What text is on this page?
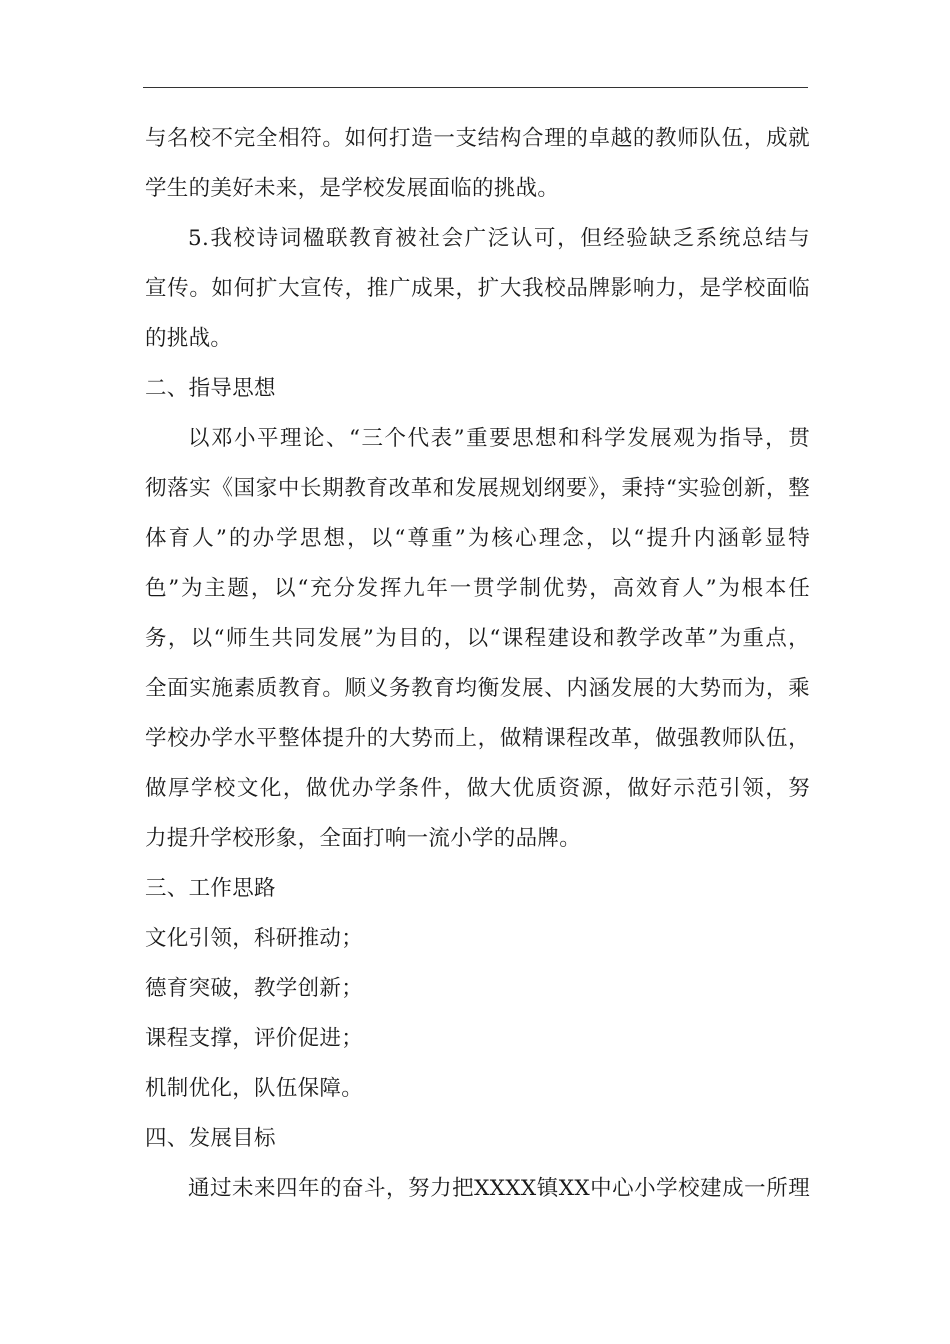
与名校不完全相符。如何打造一支结构合理的卓越的教师队伍，成就
学生的美好未来，是学校发展面临的挑战。
5.我校诗词楹联教育被社会广泛认可，但经验缺乏系统总结与
宣传。如何扩大宣传，推广成果，扩大我校品牌影响力，是学校面临
的挑战。
二、指导思想
以邓小平理论、“三个代表”重要思想和科学发展观为指导，贯
彻落实《国家中长期教育改革和发展规划纲要》，秉持“实验创新，整
体育人”的办学思想，以“尊重”为核心理念，以“提升内涵彰显特
色”为主题，以“充分发挥九年一贯学制优势，高效育人”为根本任
务，以“师生共同发展”为目的，以“课程建设和教学改革”为重点，
全面实施素质教育。顺义务教育均衡发展、内涵发展的大势而为，乘
学校办学水平整体提升的大势而上，做精课程改革，做强教师队伍，
做厚学校文化，做优办学条件，做大优质资源，做好示范引领，努
力提升学校形象，全面打响一流小学的品牌。
三、工作思路
文化引领，科研推动；
德育突破，教学创新；
课程支撑，评价促进；
机制优化，队伍保障。
四、发展目标
通过未来四年的奋斗，努力把XXXX镇XX中心小学校建成一所理
